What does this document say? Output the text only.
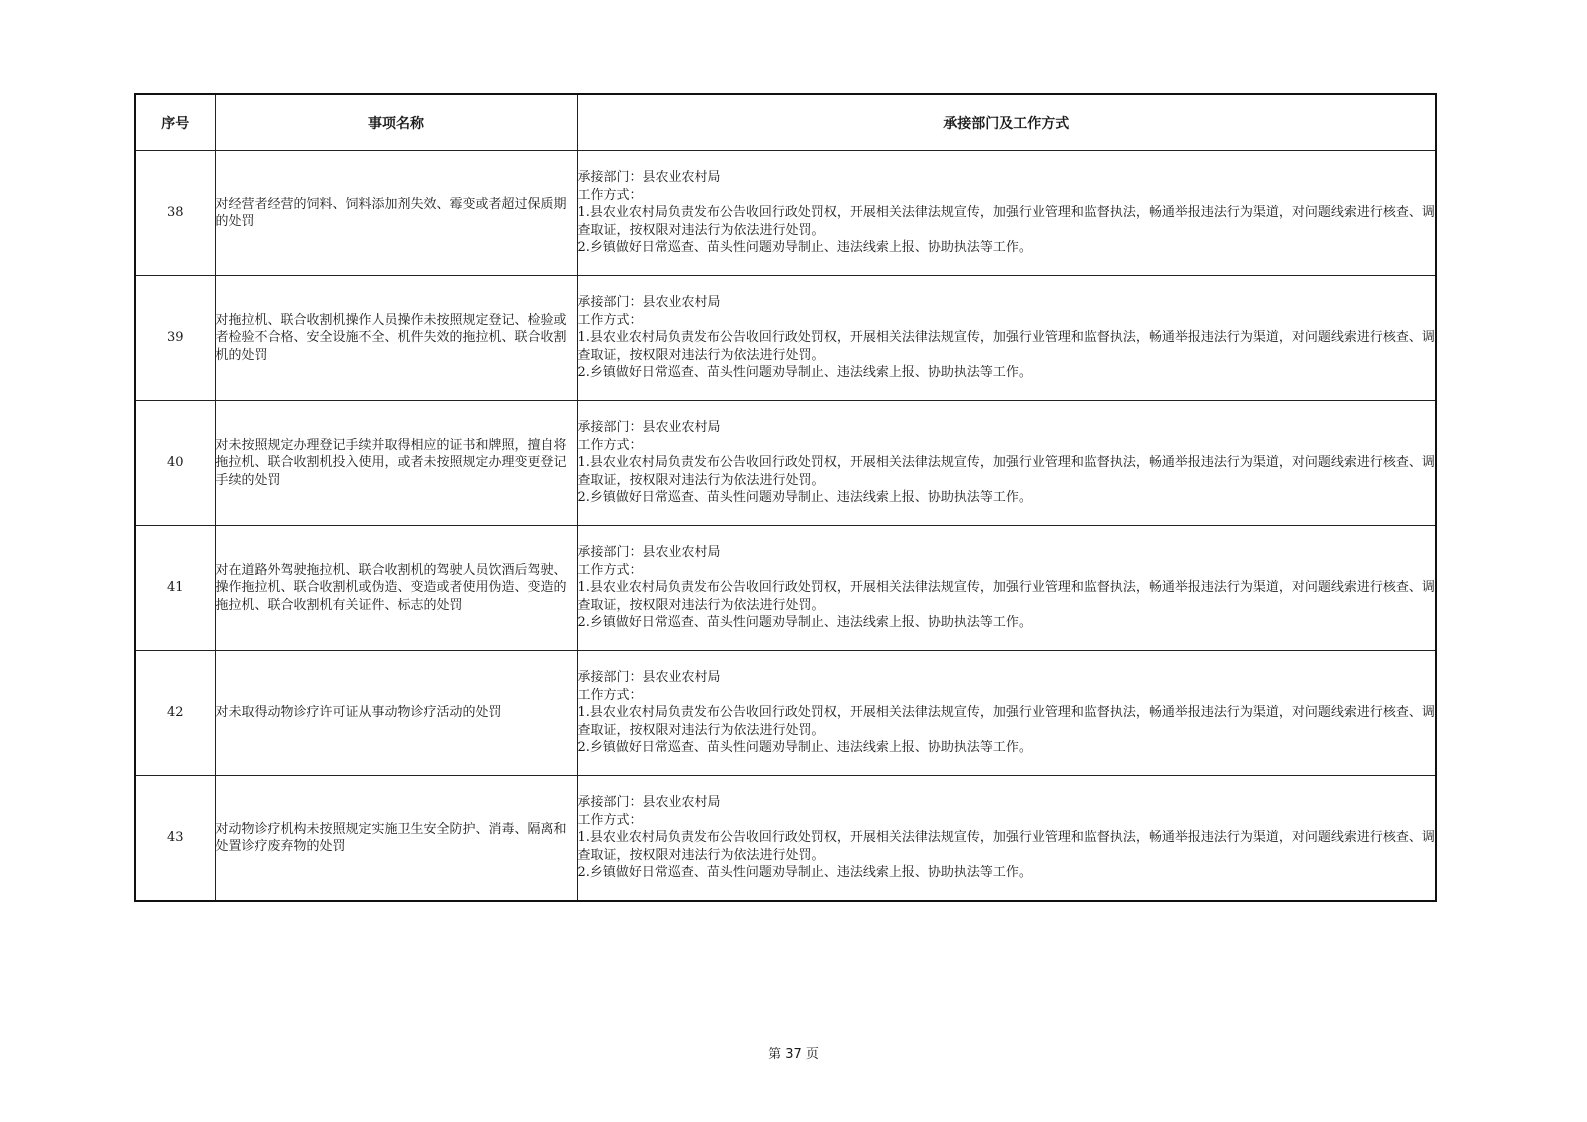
序号	事项名称	承接部门及工作方式
38	对经营者经营的饲料、饲料添加剂失效、霉变或者超过保质期的处罚	承接部门：县农业农村局
工作方式：
1.县农业农村局负责发布公告收回行政处罚权，开展相关法律法规宣传，加强行业管理和监督执法，畅通举报违法行为渠道，对问题线索进行核查、调查取证，按权限对违法行为依法进行处罚。
2.乡镇做好日常巡查、苗头性问题劝导制止、违法线索上报、协助执法等工作。

39	对拖拉机、联合收割机操作人员操作未按照规定登记、检验或者检验不合格、安全设施不全、机件失效的拖拉机、联合收割机的处罚	承接部门：县农业农村局
工作方式：
1.县农业农村局负责发布公告收回行政处罚权，开展相关法律法规宣传，加强行业管理和监督执法，畅通举报违法行为渠道，对问题线索进行核查、调查取证，按权限对违法行为依法进行处罚。
2.乡镇做好日常巡查、苗头性问题劝导制止、违法线索上报、协助执法等工作。

40	对未按照规定办理登记手续并取得相应的证书和牌照，擅自将拖拉机、联合收割机投入使用，或者未按照规定办理变更登记手续的处罚	承接部门：县农业农村局
工作方式：
1.县农业农村局负责发布公告收回行政处罚权，开展相关法律法规宣传，加强行业管理和监督执法，畅通举报违法行为渠道，对问题线索进行核查、调查取证，按权限对违法行为依法进行处罚。
2.乡镇做好日常巡查、苗头性问题劝导制止、违法线索上报、协助执法等工作。

41	对在道路外驾驶拖拉机、联合收割机的驾驶人员饮酒后驾驶、操作拖拉机、联合收割机或伪造、变造或者使用伪造、变造的拖拉机、联合收割机有关证件、标志的处罚	承接部门：县农业农村局
工作方式：
1.县农业农村局负责发布公告收回行政处罚权，开展相关法律法规宣传，加强行业管理和监督执法，畅通举报违法行为渠道，对问题线索进行核查、调查取证，按权限对违法行为依法进行处罚。
2.乡镇做好日常巡查、苗头性问题劝导制止、违法线索上报、协助执法等工作。

42	对未取得动物诊疗许可证从事动物诊疗活动的处罚	承接部门：县农业农村局
工作方式：
1.县农业农村局负责发布公告收回行政处罚权，开展相关法律法规宣传，加强行业管理和监督执法，畅通举报违法行为渠道，对问题线索进行核查、调查取证，按权限对违法行为依法进行处罚。
2.乡镇做好日常巡查、苗头性问题劝导制止、违法线索上报、协助执法等工作。

43	对动物诊疗机构未按照规定实施卫生安全防护、消毒、隔离和处置诊疗废弃物的处罚	承接部门：县农业农村局
工作方式：
1.县农业农村局负责发布公告收回行政处罚权，开展相关法律法规宣传，加强行业管理和监督执法，畅通举报违法行为渠道，对问题线索进行核查、调查取证，按权限对违法行为依法进行处罚。
2.乡镇做好日常巡查、苗头性问题劝导制止、违法线索上报、协助执法等工作。
第 37 页
